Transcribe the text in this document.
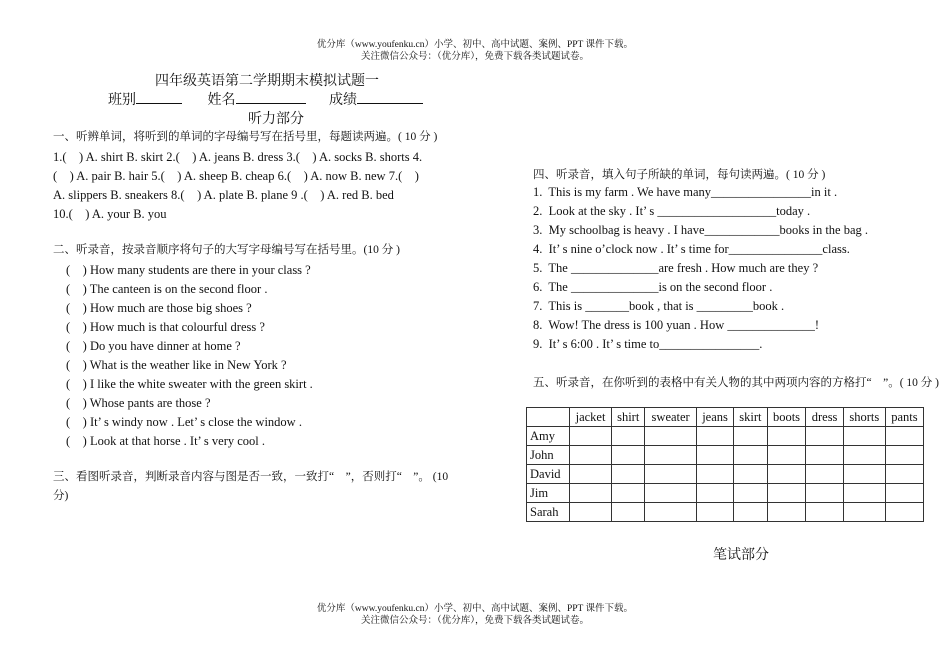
优分库（www.youfenku.cn）小学、初中、高中试题、案例、PPT 课件下载。
关注微信公众号：（优分库），免费下载各类试题试卷。
四年级英语第二学期期末模拟试题一
班别	姓名	成绩
听力部分
一、听辨单词，将听到的单词的字母编号写在括号里，每题读两遍。( 10 分 )
1.(　) A. shirt B. skirt 2.(　) A. jeans B. dress 3.(　) A. socks B. shorts 4.
(　) A. pair B. hair 5.(　) A. sheep B. cheap 6.(　) A. now B. new 7.(　)
A. slippers B. sneakers 8.(　) A. plate B. plane 9 .(　) A. red B. bed
10.(　) A. your B. you
二、听录音，按录音顺序将句子的大写字母编号写在括号里。(10 分 )
(　) How many students are there in your class ?
(　) The canteen is on the second floor .
(　) How much are those big shoes ?
(　) How much is that colourful dress ?
(　) Do you have dinner at home ?
(　) What is the weather like in New York ?
(　) I like the white sweater with the green skirt .
(　) Whose pants are those ?
(　) It’ s windy now . Let’ s close the window .
(　) Look at that horse . It’ s very cool .
三、看图听录音，判断录音内容与图是否一致，一致打“　”，否则打“　”。 (10
分)
四、听录音，填入句子所缺的单词，每句读两遍。( 10 分 )
1. This is my farm . We have many________________in it .
2. Look at the sky . It’ s ___________________today .
3. My schoolbag is heavy . I have____________books in the bag .
4. It’ s nine o’clock now . It’ s time for_______________class.
5. The ______________are fresh . How much are they ?
6. The ______________is on the second floor .
7. This is _______book , that is _________book .
8. Wow! The dress is 100 yuan . How ______________!
9. It’ s 6:00 . It’ s time to________________.
五、听录音，在你听到的表格中有关人物的其中两项内容的方格打“　”。( 10 分 )
	jacket	shirt	sweater	jeans	skirt	boots	dress	shorts	pants
Amy									
John									
David									
Jim									
Sarah									
笔试部分
优分库（www.youfenku.cn）小学、初中、高中试题、案例、PPT 课件下载。
关注微信公众号：（优分库），免费下载各类试题试卷。
